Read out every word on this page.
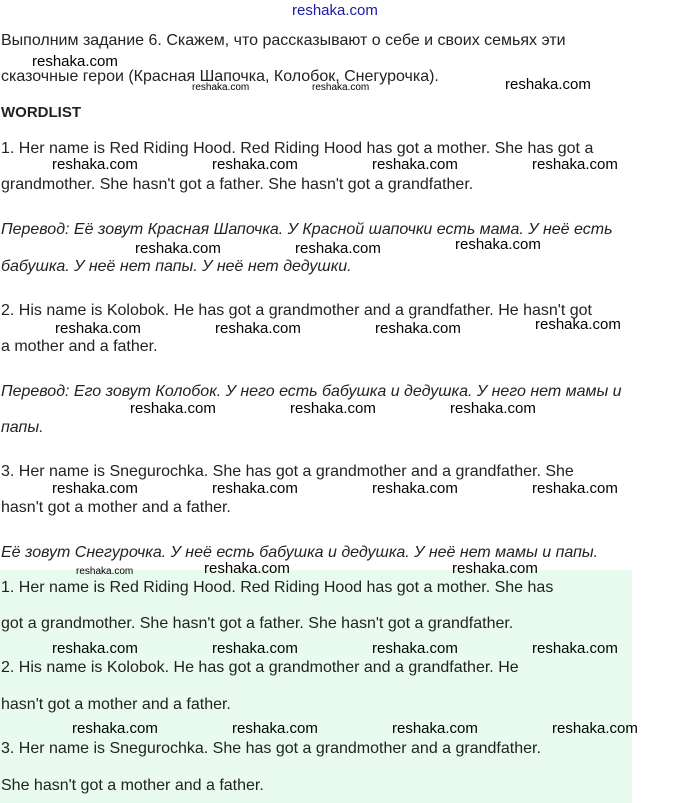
reshaka.com
Выполним задание 6. Скажем, что рассказывают о себе и своих семьях эти
reshaka.com
сказочные герои (Красная Шапочка, Колобок, Снегурочка).
reshaka.com	reshaka.com	reshaka.com
WORDLIST
1. Her name is Red Riding Hood. Red Riding Hood has got a mother. She has got a
reshaka.com	reshaka.com	reshaka.com	reshaka.com
grandmother. She hasn't got a father. She hasn't got a grandfather.
Перевод: Её зовут Красная Шапочка. У Красной шапочки есть мама. У неё есть
reshaka.com	reshaka.com	reshaka.com
бабушка. У неё нет папы. У неё нет дедушки.
2. His name is Kolobok. He has got a grandmother and a grandfather. He hasn't got
reshaka.com	reshaka.com	reshaka.com	reshaka.com
a mother and a father.
Перевод: Его зовут Колобок. У него есть бабушка и дедушка. У него нет мамы и
reshaka.com	reshaka.com	reshaka.com
папы.
3. Her name is Snegurochka. She has got a grandmother and a grandfather. She
reshaka.com	reshaka.com	reshaka.com	reshaka.com
hasn't got a mother and a father.
Её зовут Снегурочка. У неё есть бабушка и дедушка. У неё нет мамы и папы.
reshaka.com	reshaka.com	reshaka.com
1. Her name is Red Riding Hood. Red Riding Hood has got a mother. She has
got a grandmother. She hasn't got a father. She hasn't got a grandfather.
reshaka.com	reshaka.com	reshaka.com	reshaka.com
2. His name is Kolobok. He has got a grandmother and a grandfather. He
hasn't got a mother and a father.
reshaka.com	reshaka.com	reshaka.com	reshaka.com
3. Her name is Snegurochka. She has got a grandmother and a grandfather.
She hasn't got a mother and a father.
